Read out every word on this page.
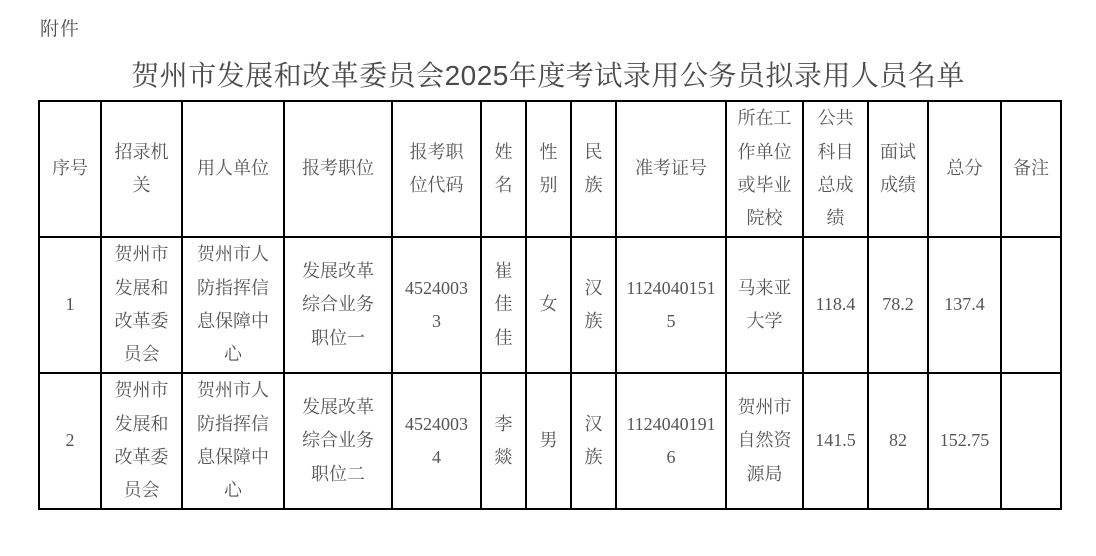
附件
贺州市发展和改革委员会2025年度考试录用公务员拟录用人员名单
序号	招录机关	用人单位	报考职位	报考职位代码	姓名	性别	民族	准考证号	所在工作单位或毕业院校	公共科目总成绩	面试成绩	总分	备注
1	贺州市发展和改革委员会	贺州市人防指挥信息保障中心	发展改革综合业务职位一	45240033	崔佳佳	女	汉族	11240401515	马来亚大学	118.4	78.2	137.4	
2	贺州市发展和改革委员会	贺州市人防指挥信息保障中心	发展改革综合业务职位二	45240034	李燚	男	汉族	11240401916	贺州市自然资源局	141.5	82	152.75	
